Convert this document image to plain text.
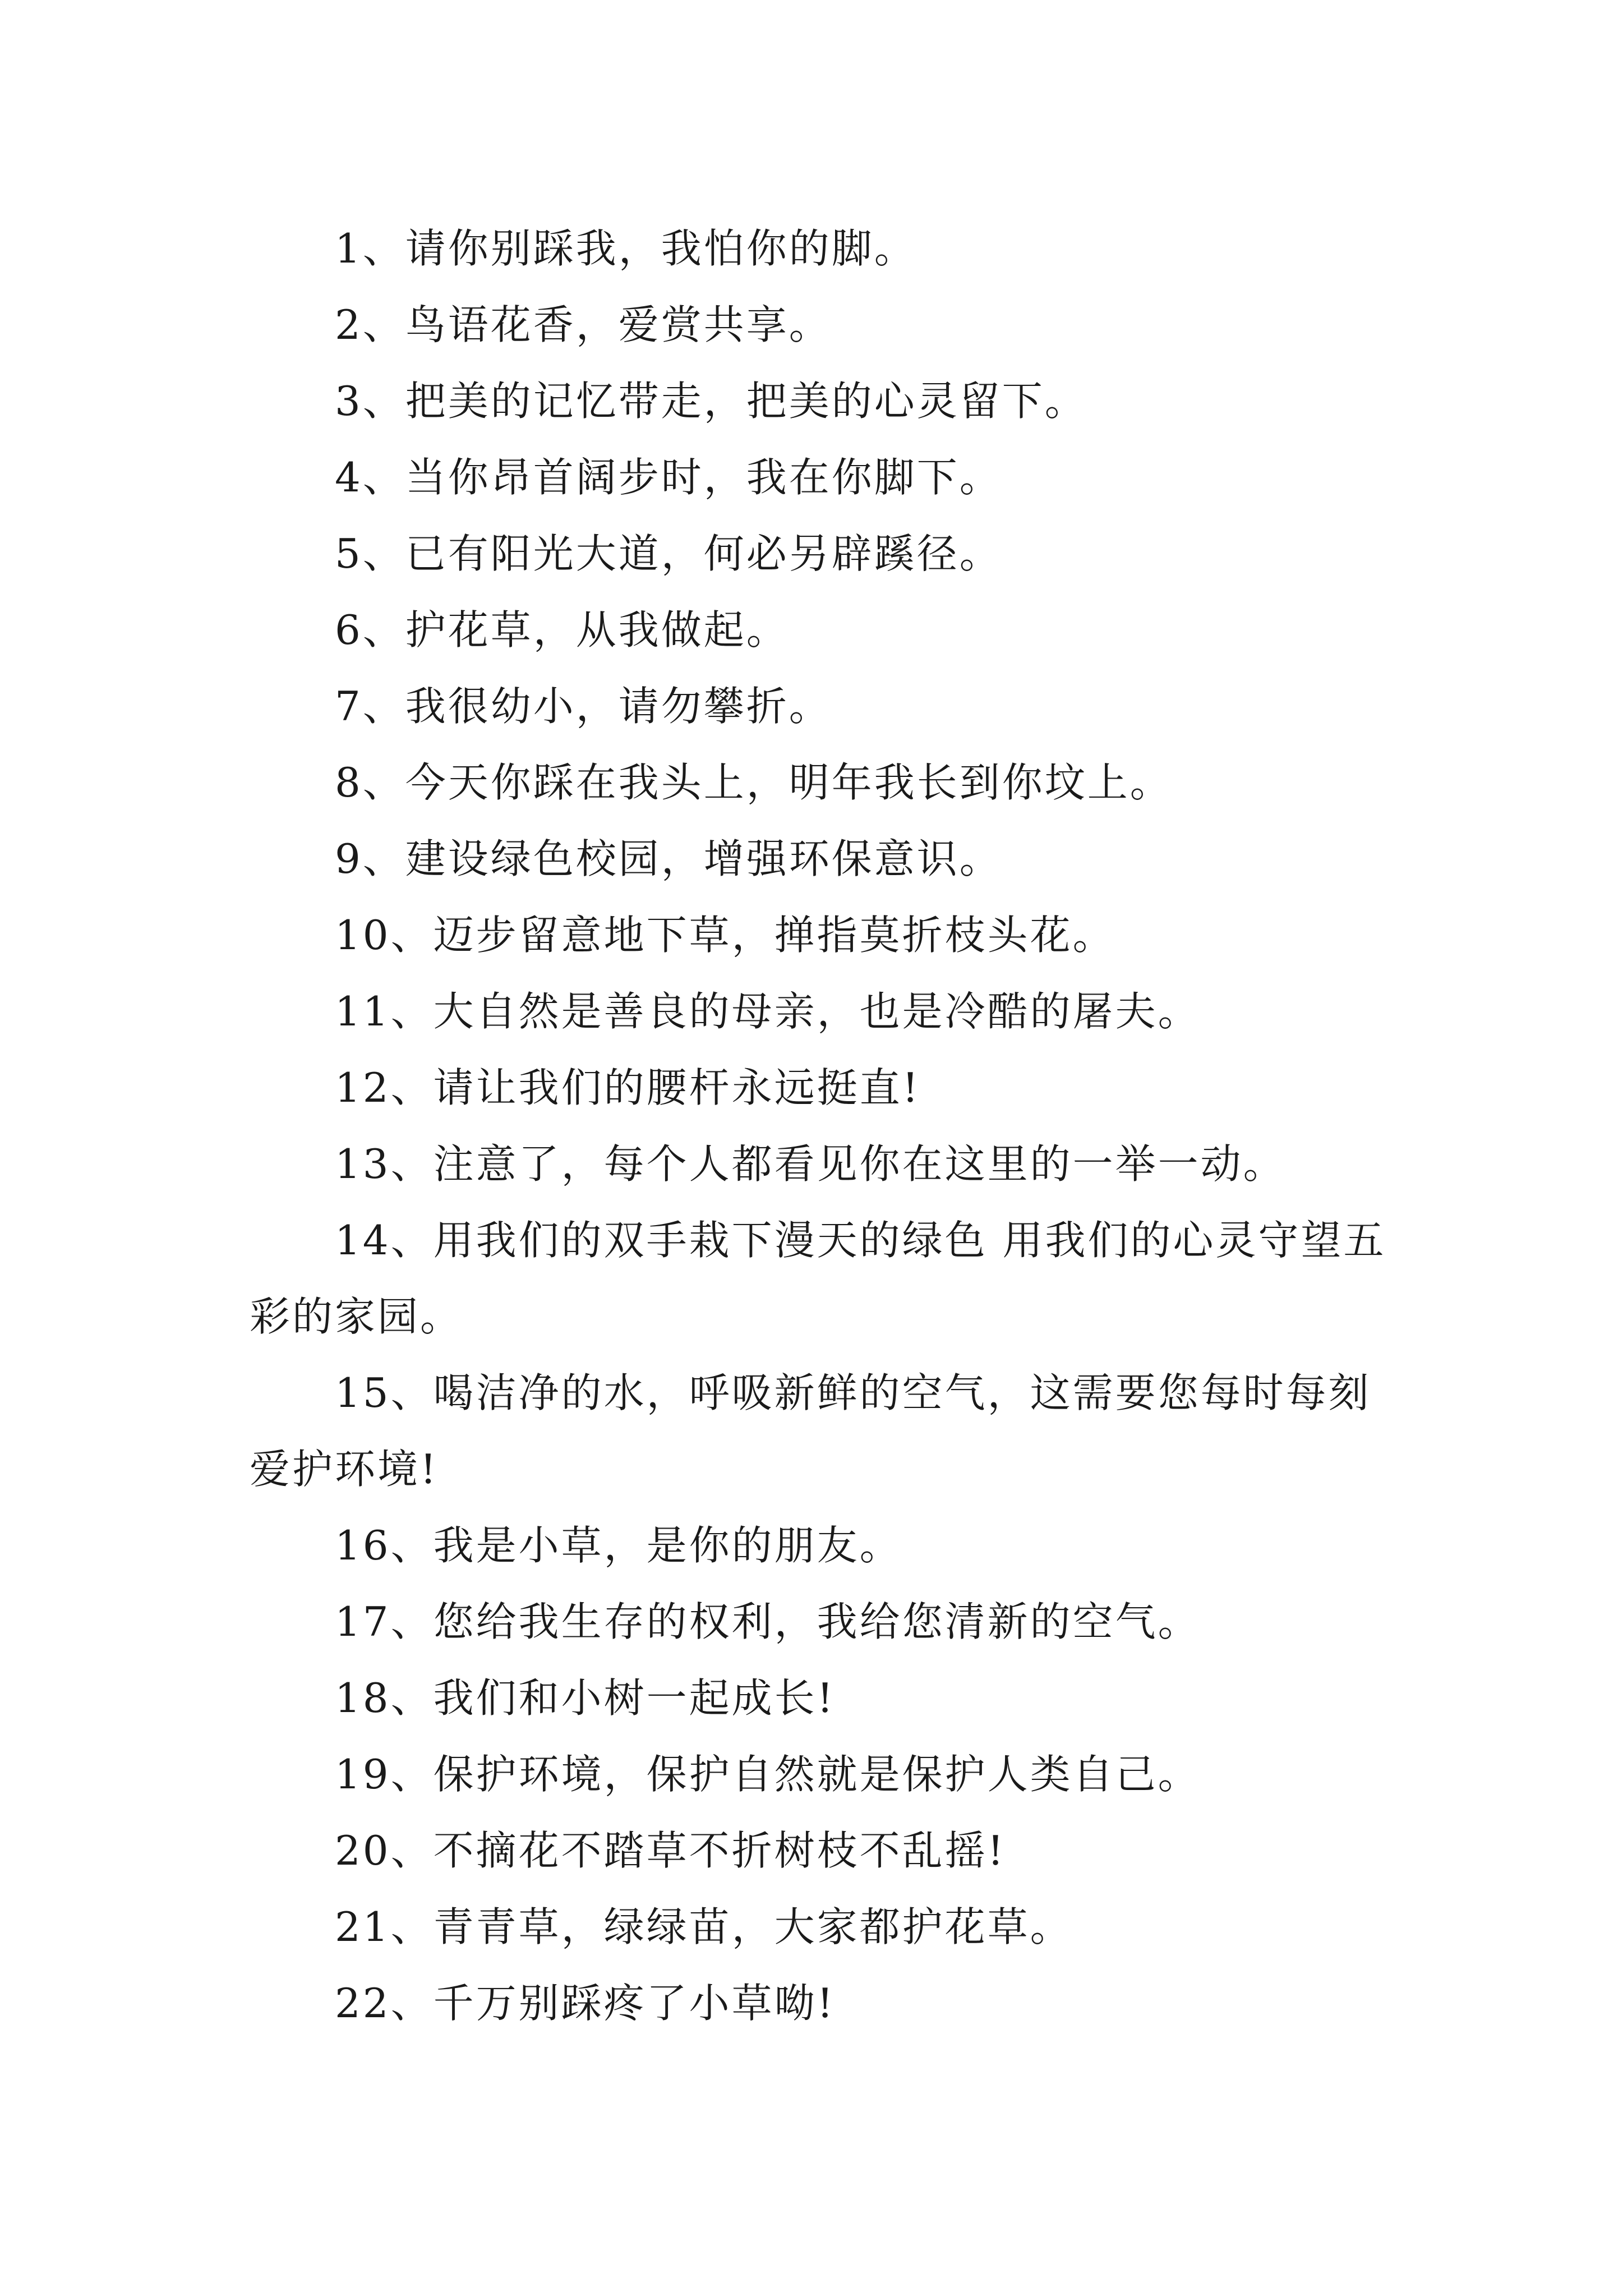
1、请你别踩我，我怕你的脚。

2、鸟语花香，爱赏共享。

3、把美的记忆带走，把美的心灵留下。

4、当你昂首阔步时，我在你脚下。

5、已有阳光大道，何必另辟蹊径。

6、护花草，从我做起。

7、我很幼小，请勿攀折。

8、今天你踩在我头上，明年我长到你坟上。

9、建设绿色校园，增强环保意识。

10、迈步留意地下草，掸指莫折枝头花。

11、大自然是善良的母亲，也是冷酷的屠夫。

12、请让我们的腰杆永远挺直!

13、注意了，每个人都看见你在这里的一举一动。

14、用我们的双手栽下漫天的绿色 用我们的心灵守望五彩的家园。

15、喝洁净的水，呼吸新鲜的空气，这需要您每时每刻爱护环境!

16、我是小草，是你的朋友。

17、您给我生存的权利，我给您清新的空气。

18、我们和小树一起成长!

19、保护环境，保护自然就是保护人类自己。

20、不摘花不踏草不折树枝不乱摇!

21、青青草，绿绿苗，大家都护花草。

22、千万别踩疼了小草呦!
